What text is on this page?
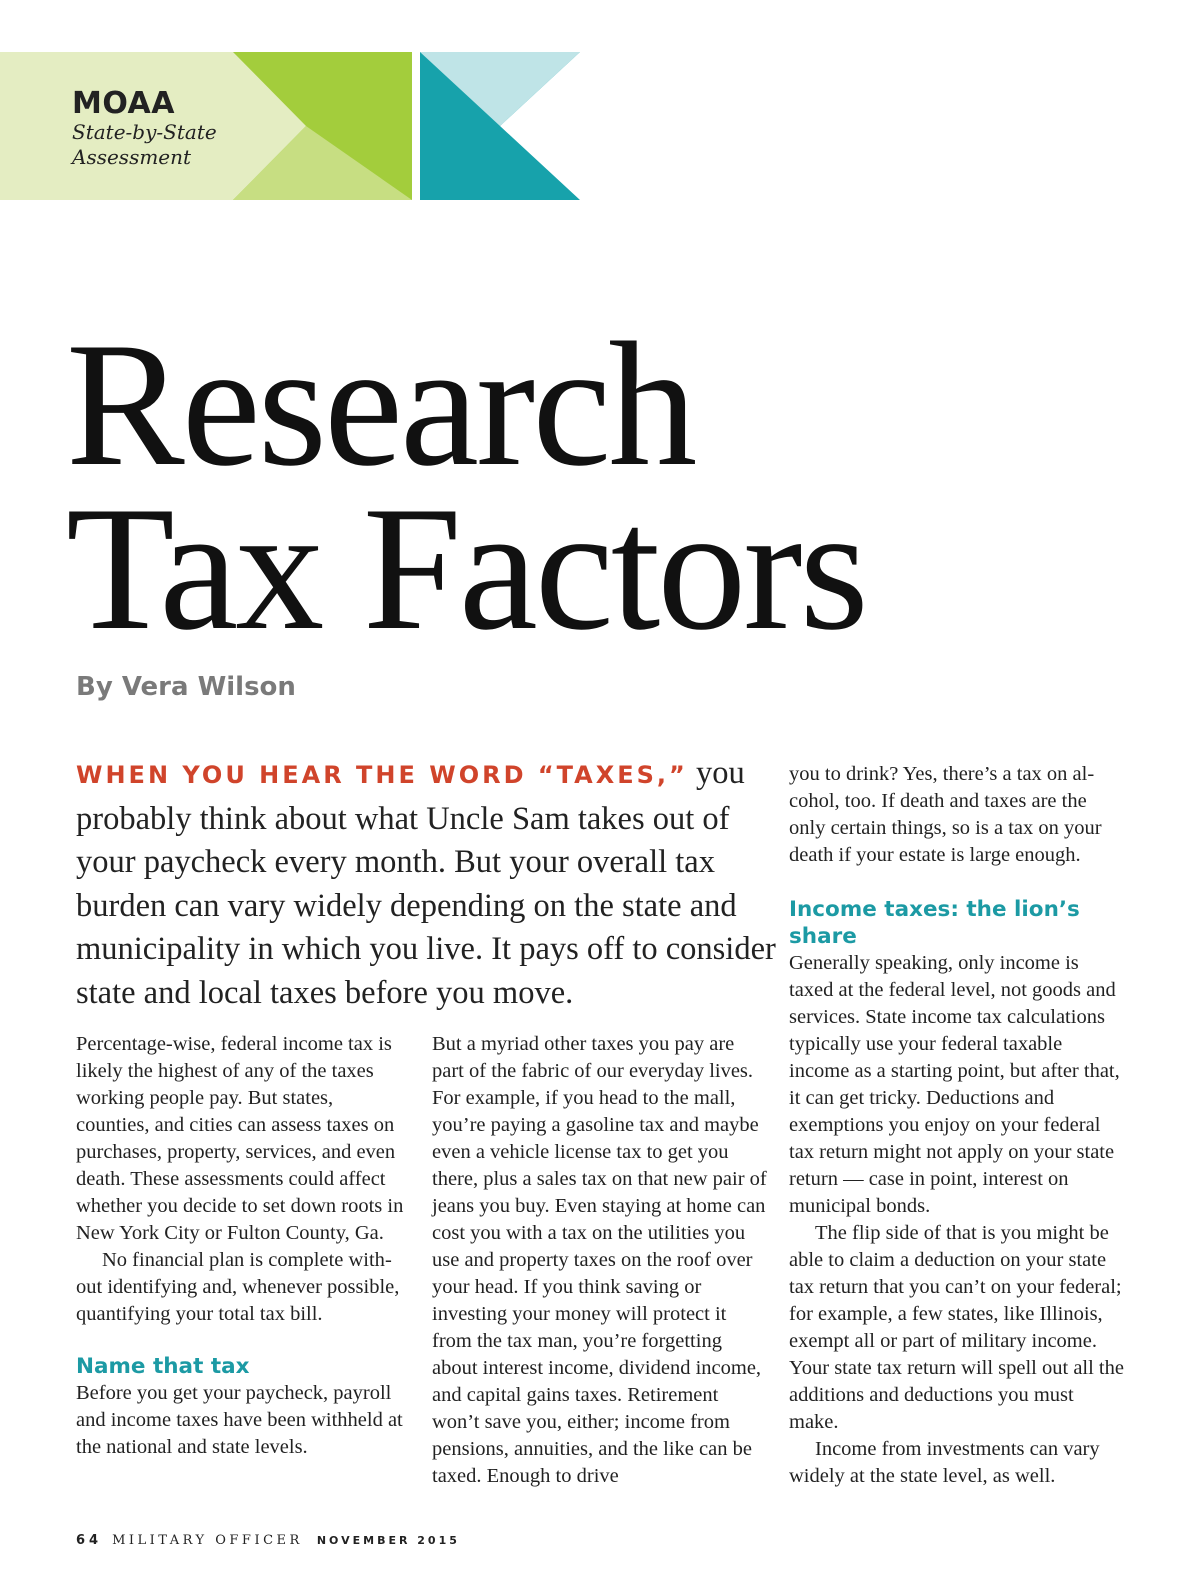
MOAA
State-by-State
Assessment
Research
Tax Factors
By Vera Wilson
WHEN YOU HEAR THE WORD “TAXES,” you probably think about what Uncle Sam takes out of your paycheck every month. But your overall tax burden can vary widely depending on the state and municipality in which you live. It pays off to consider state and local taxes before you move.

Percentage-wise, federal income tax is likely the highest of any of the taxes working people pay. But states, counties, and cities can assess taxes on purchases, property, services, and even death. These assessments could affect whether you decide to set down roots in New York City or Fulton County, Ga.

No financial plan is complete without identifying and, whenever possible, quantifying your total tax bill.

Name that tax

Before you get your paycheck, payroll and income taxes have been withheld at the national and state levels.

But a myriad other taxes you pay are part of the fabric of our everyday lives. For example, if you head to the mall, you’re paying a gasoline tax and maybe even a vehicle license tax to get you there, plus a sales tax on that new pair of jeans you buy. Even staying at home can cost you with a tax on the utilities you use and property taxes on the roof over your head. If you think saving or investing your money will protect it from the tax man, you’re forgetting about interest income, dividend income, and capital gains taxes. Retirement won’t save you, either; income from pensions, annuities, and the like can be taxed. Enough to drive

you to drink? Yes, there’s a tax on alcohol, too. If death and taxes are the only certain things, so is a tax on your death if your estate is large enough.

Income taxes: the lion’s share

Generally speaking, only income is taxed at the federal level, not goods and services. State income tax calculations typically use your federal taxable income as a starting point, but after that, it can get tricky. Deductions and exemptions you enjoy on your federal tax return might not apply on your state return — case in point, interest on municipal bonds.

The flip side of that is you might be able to claim a deduction on your state tax return that you can’t on your federal; for example, a few states, like Illinois, exempt all or part of military income. Your state tax return will spell out all the additions and deductions you must make.

Income from investments can vary widely at the state level, as well.

64 MILITARY OFFICER NOVEMBER 2015
